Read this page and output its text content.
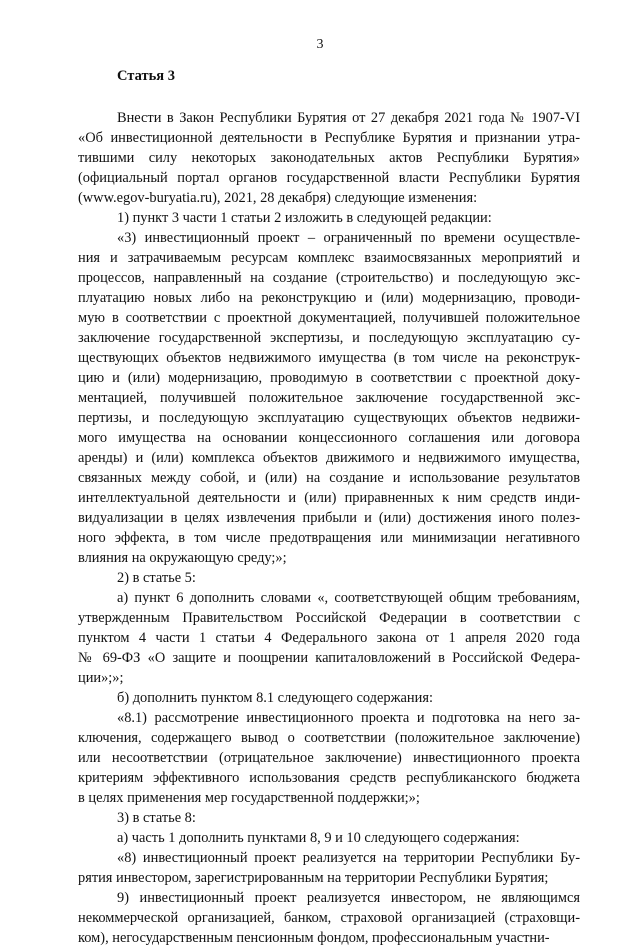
3
Статья 3
Внести в Закон Республики Бурятия от 27 декабря 2021 года № 1907-VI
«Об инвестиционной деятельности в Республике Бурятия и признании утра-
тившими силу некоторых законодательных актов Республики Бурятия»
(официальный портал органов государственной власти Республики Бурятия
(www.egov-buryatia.ru), 2021, 28 декабря) следующие изменения:
1) пункт 3 части 1 статьи 2 изложить в следующей редакции:
«3) инвестиционный проект – ограниченный по времени осуществле-
ния и затрачиваемым ресурсам комплекс взаимосвязанных мероприятий и
процессов, направленный на создание (строительство) и последующую экс-
плуатацию новых либо на реконструкцию и (или) модернизацию, проводи-
мую в соответствии с проектной документацией, получившей положительное
заключение государственной экспертизы, и последующую эксплуатацию су-
ществующих объектов недвижимого имущества (в том числе на реконструк-
цию и (или) модернизацию, проводимую в соответствии с проектной доку-
ментацией, получившей положительное заключение государственной экс-
пертизы, и последующую эксплуатацию существующих объектов недвижи-
мого имущества на основании концессионного соглашения или договора
аренды) и (или) комплекса объектов движимого и недвижимого имущества,
связанных между собой, и (или) на создание и использование результатов
интеллектуальной деятельности и (или) приравненных к ним средств инди-
видуализации в целях извлечения прибыли и (или) достижения иного полез-
ного эффекта, в том числе предотвращения или минимизации негативного
влияния на окружающую среду;»;
2) в статье 5:
а) пункт 6 дополнить словами «, соответствующей общим требованиям,
утвержденным Правительством Российской Федерации в соответствии с
пунктом 4 части 1 статьи 4 Федерального закона от 1 апреля 2020 года
№ 69-ФЗ «О защите и поощрении капиталовложений в Российской Федера-
ции»;»;
б) дополнить пунктом 8.1 следующего содержания:
«8.1) рассмотрение инвестиционного проекта и подготовка на него за-
ключения, содержащего вывод о соответствии (положительное заключение)
или несоответствии (отрицательное заключение) инвестиционного проекта
критериям эффективного использования средств республиканского бюджета
в целях применения мер государственной поддержки;»;
3) в статье 8:
а) часть 1 дополнить пунктами 8, 9 и 10 следующего содержания:
«8) инвестиционный проект реализуется на территории Республики Бу-
рятия инвестором, зарегистрированным на территории Республики Бурятия;
9) инвестиционный проект реализуется инвестором, не являющимся
некоммерческой организацией, банком, страховой организацией (страховщи-
ком), негосударственным пенсионным фондом, профессиональным участни-
